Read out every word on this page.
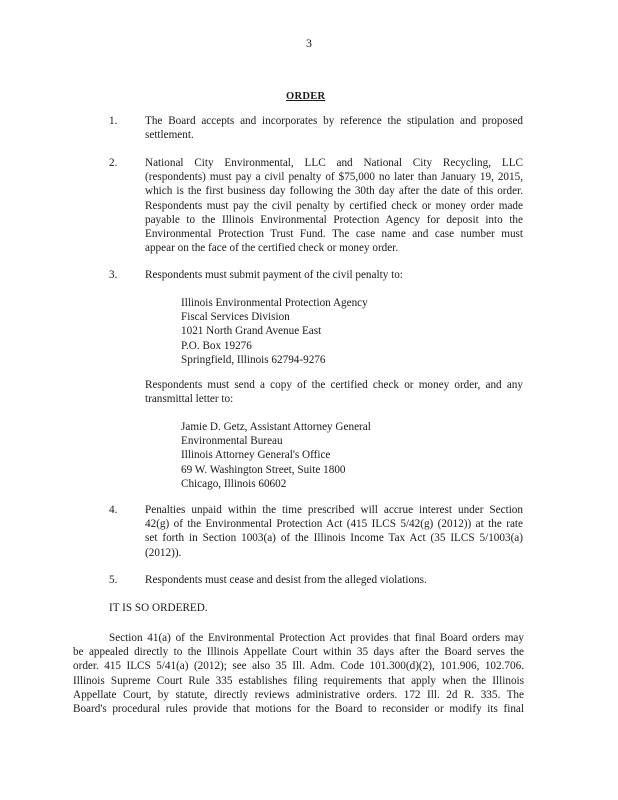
3
ORDER
1. The Board accepts and incorporates by reference the stipulation and proposed
settlement.
2. National City Environmental, LLC and National City Recycling, LLC
(respondents) must pay a civil penalty of $75,000 no later than January 19, 2015,
which is the first business day following the 30th day after the date of this order.
Respondents must pay the civil penalty by certified check or money order made
payable to the Illinois Environmental Protection Agency for deposit into the
Environmental Protection Trust Fund. The case name and case number must
appear on the face of the certified check or money order.
3. Respondents must submit payment of the civil penalty to:
Illinois Environmental Protection Agency
Fiscal Services Division
1021 North Grand Avenue East
P.O. Box 19276
Springfield, Illinois 62794-9276
Respondents must send a copy of the certified check or money order, and any
transmittal letter to:
Jamie D. Getz, Assistant Attorney General
Environmental Bureau
Illinois Attorney General's Office
69 W. Washington Street, Suite 1800
Chicago, Illinois 60602
4. Penalties unpaid within the time prescribed will accrue interest under Section
42(g) of the Environmental Protection Act (415 ILCS 5/42(g) (2012)) at the rate
set forth in Section 1003(a) of the Illinois Income Tax Act (35 ILCS 5/1003(a)
(2012)).
5. Respondents must cease and desist from the alleged violations.
IT IS SO ORDERED.
Section 41(a) of the Environmental Protection Act provides that final Board orders may
be appealed directly to the Illinois Appellate Court within 35 days after the Board serves the
order. 415 ILCS 5/41(a) (2012); see also 35 Ill. Adm. Code 101.300(d)(2), 101.906, 102.706.
Illinois Supreme Court Rule 335 establishes filing requirements that apply when the Illinois
Appellate Court, by statute, directly reviews administrative orders. 172 Ill. 2d R. 335. The
Board's procedural rules provide that motions for the Board to reconsider or modify its final
